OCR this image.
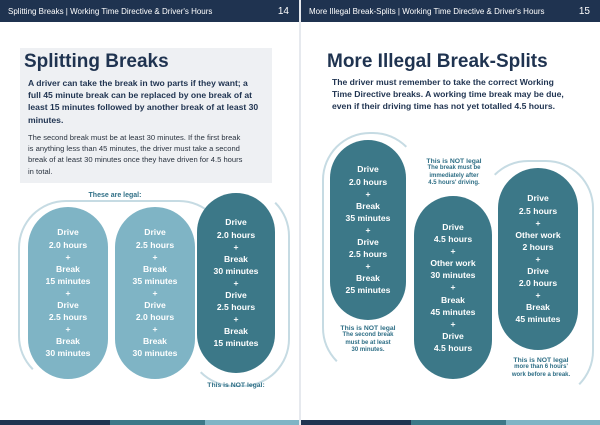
Splitting Breaks | Working Time Directive & Driver's Hours	14	More Illegal Break-Splits | Working Time Directive & Driver's Hours	15
Splitting Breaks
A driver can take the break in two parts if they want; a
full 45 minute break can be replaced by one break of at
least 15 minutes followed by another break of at least 30
minutes.
The second break must be at least 30 minutes. If the first break
is anything less than 45 minutes, the driver must take a second
break of at least 30 minutes once they have driven for 4.5 hours
in total.
These are legal:
Drive
2.0 hours
+
Break
15 minutes
+
Drive
2.5 hours
+
Break
30 minutes
Drive
2.5 hours
+
Break
35 minutes
+
Drive
2.0 hours
+
Break
30 minutes
Drive
2.0 hours
+
Break
30 minutes
+
Drive
2.5 hours
+
Break
15 minutes
This is NOT legal:
More Illegal Break-Splits
The driver must remember to take the correct Working
Time Directive breaks. A working time break may be due,
even if their driving time has not yet totalled 4.5 hours.
Drive
2.0 hours
+
Break
35 minutes
+
Drive
2.5 hours
+
Break
25 minutes
This is NOT legal
The second break
must be at least
30 minutes.
This is NOT legal
The break must be
immediately after
4.5 hours' driving.
Drive
4.5 hours
+
Other work
30 minutes
+
Break
45 minutes
+
Drive
4.5 hours
Drive
2.5 hours
+
Other work
2 hours
+
Drive
2.0 hours
+
Break
45 minutes
This is NOT legal
more than 6 hours'
work before a break.
